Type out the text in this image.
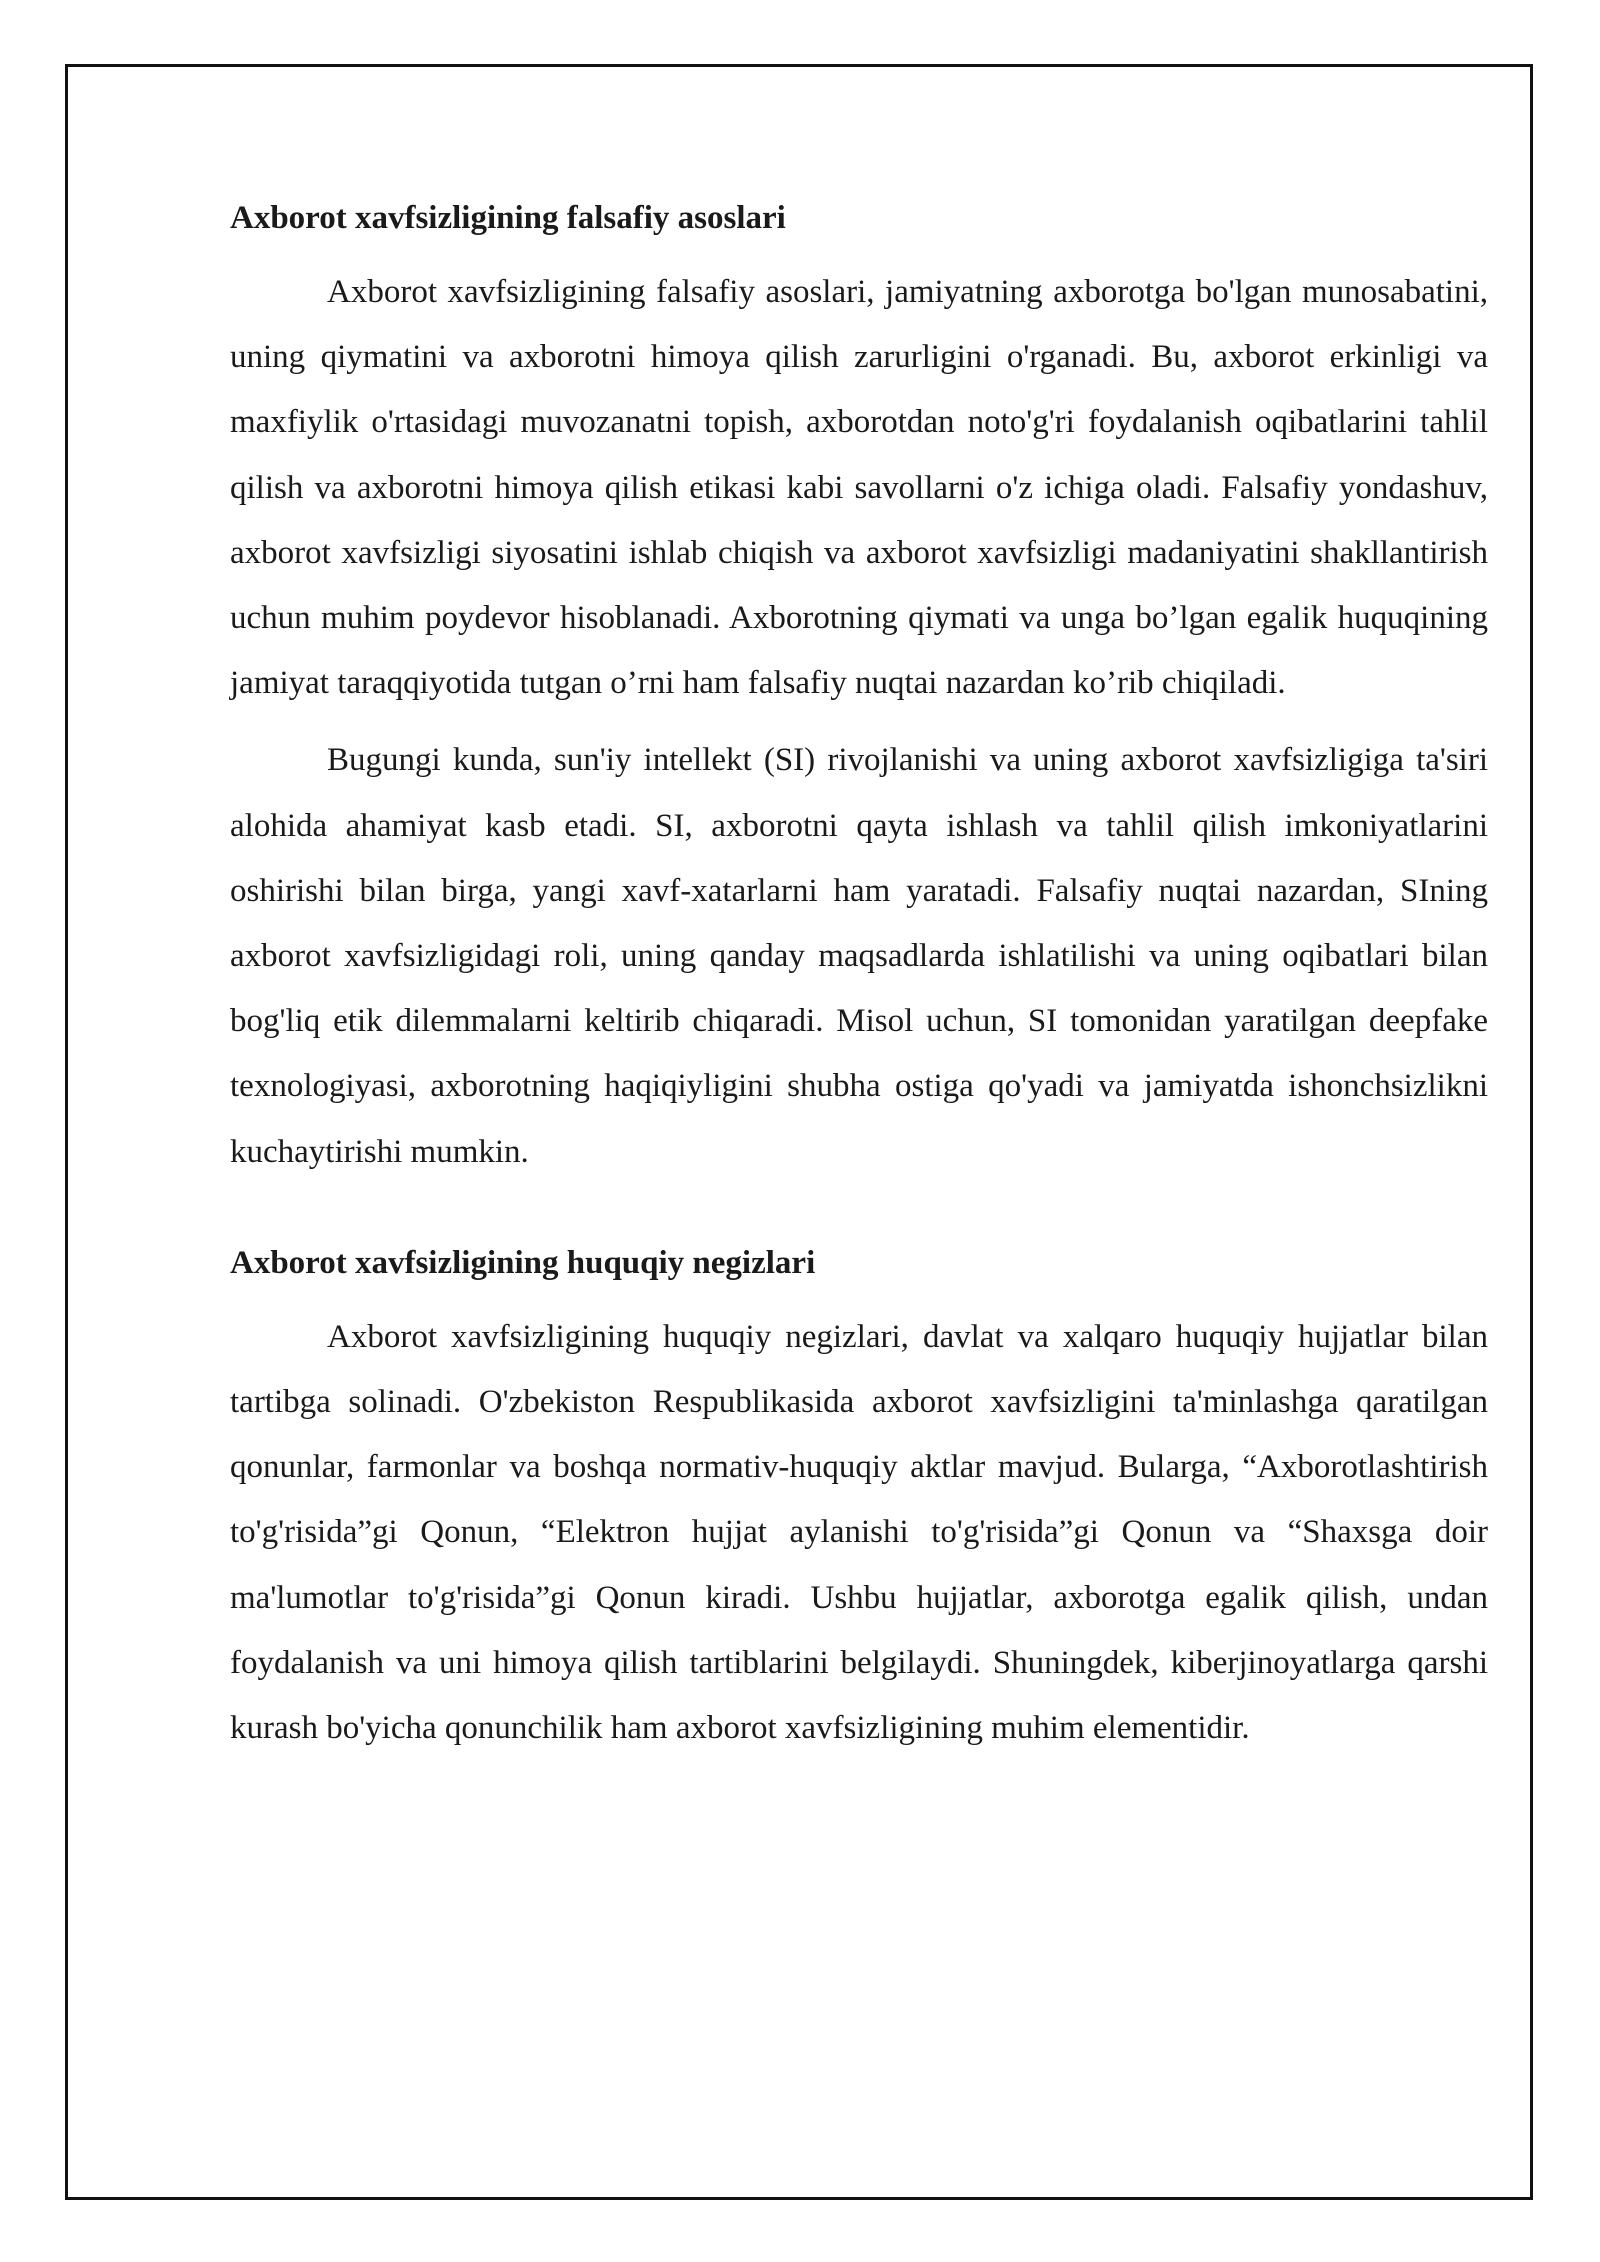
Axborot xavfsizligining falsafiy asoslari

Axborot xavfsizligining falsafiy asoslari, jamiyatning axborotga bo'lgan munosabatini, uning qiymatini va axborotni himoya qilish zarurligini o'rganadi. Bu, axborot erkinligi va maxfiylik o'rtasidagi muvozanatni topish, axborotdan noto'g'ri foydalanish oqibatlarini tahlil qilish va axborotni himoya qilish etikasi kabi savollarni o'z ichiga oladi. Falsafiy yondashuv, axborot xavfsizligi siyosatini ishlab chiqish va axborot xavfsizligi madaniyatini shakllantirish uchun muhim poydevor hisoblanadi. Axborotning qiymati va unga bo’lgan egalik huquqining jamiyat taraqqiyotida tutgan o’rni ham falsafiy nuqtai nazardan ko’rib chiqiladi.

Bugungi kunda, sun'iy intellekt (SI) rivojlanishi va uning axborot xavfsizligiga ta'siri alohida ahamiyat kasb etadi. SI, axborotni qayta ishlash va tahlil qilish imkoniyatlarini oshirishi bilan birga, yangi xavf-xatarlarni ham yaratadi. Falsafiy nuqtai nazardan, SIning axborot xavfsizligidagi roli, uning qanday maqsadlarda ishlatilishi va uning oqibatlari bilan bog'liq etik dilemmalarni keltirib chiqaradi. Misol uchun, SI tomonidan yaratilgan deepfake texnologiyasi, axborotning haqiqiyligini shubha ostiga qo'yadi va jamiyatda ishonchsizlikni kuchaytirishi mumkin.

Axborot xavfsizligining huquqiy negizlari

Axborot xavfsizligining huquqiy negizlari, davlat va xalqaro huquqiy hujjatlar bilan tartibga solinadi. O'zbekiston Respublikasida axborot xavfsizligini ta'minlashga qaratilgan qonunlar, farmonlar va boshqa normativ-huquqiy aktlar mavjud. Bularga, “Axborotlashtirish to'g'risida”gi Qonun, “Elektron hujjat aylanishi to'g'risida”gi Qonun va “Shaxsga doir ma'lumotlar to'g'risida”gi Qonun kiradi. Ushbu hujjatlar, axborotga egalik qilish, undan foydalanish va uni himoya qilish tartiblarini belgilaydi. Shuningdek, kiberjinoyatlarga qarshi kurash bo'yicha qonunchilik ham axborot xavfsizligining muhim elementidir.
